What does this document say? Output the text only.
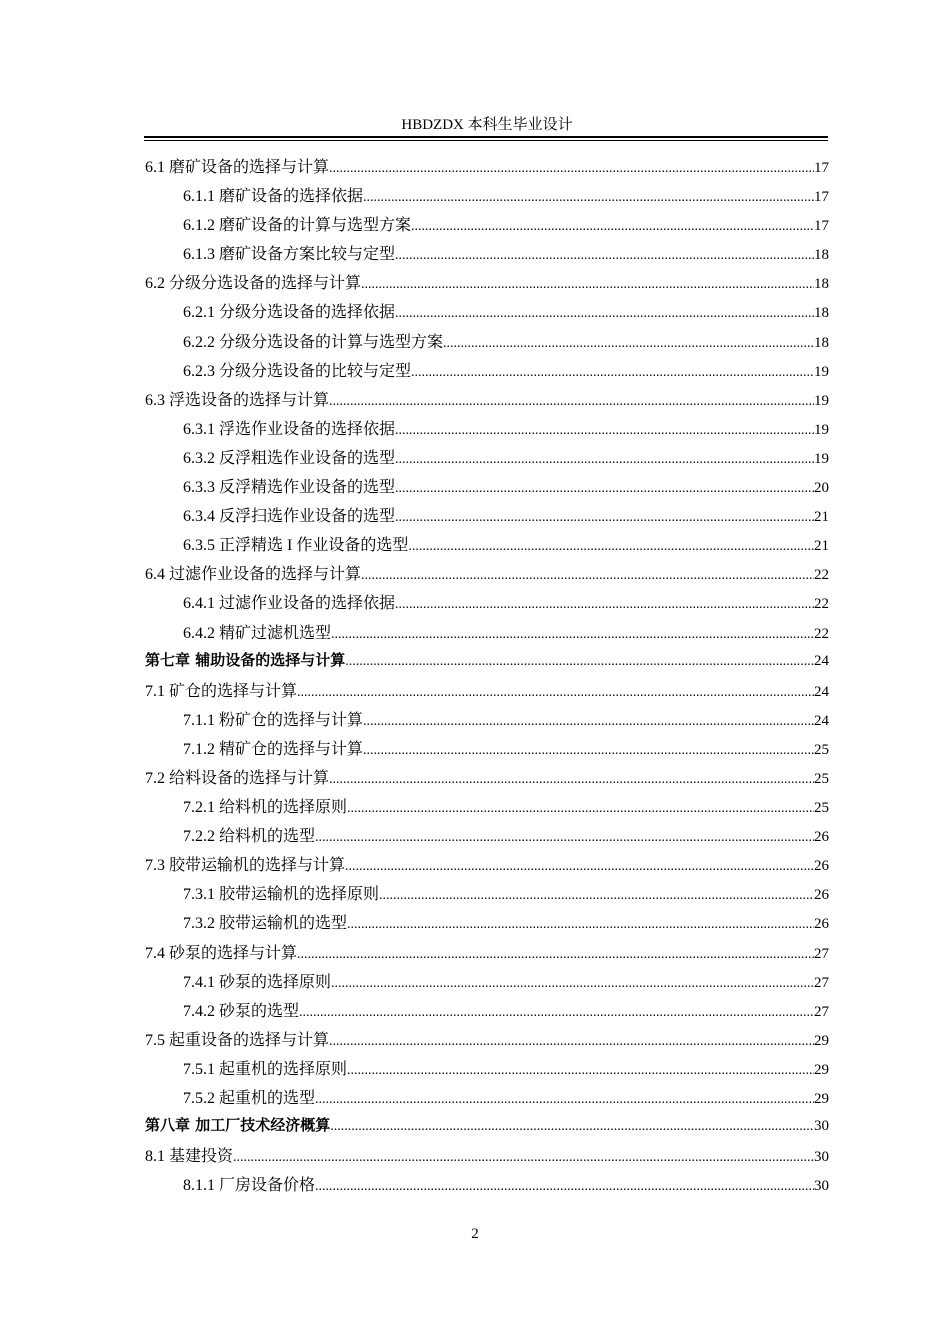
HBDZDX 本科生毕业设计
6.1 磨矿设备的选择与计算 .....	17
6.1.1 磨矿设备的选择依据 .....	17
6.1.2 磨矿设备的计算与选型方案 .....	17
6.1.3 磨矿设备方案比较与定型 .....	18
6.2 分级分选设备的选择与计算 .....	18
6.2.1 分级分选设备的选择依据 .....	18
6.2.2 分级分选设备的计算与选型方案 .....	18
6.2.3 分级分选设备的比较与定型 .....	19
6.3 浮选设备的选择与计算 .....	19
6.3.1 浮选作业设备的选择依据 .....	19
6.3.2 反浮粗选作业设备的选型 .....	19
6.3.3 反浮精选作业设备的选型 .....	20
6.3.4 反浮扫选作业设备的选型 .....	21
6.3.5 正浮精选 I 作业设备的选型 .....	21
6.4 过滤作业设备的选择与计算 .....	22
6.4.1 过滤作业设备的选择依据 .....	22
6.4.2 精矿过滤机选型 .....	22
第七章 辅助设备的选择与计算 .....	24
7.1 矿仓的选择与计算 .....	24
7.1.1 粉矿仓的选择与计算 .....	24
7.1.2 精矿仓的选择与计算 .....	25
7.2 给料设备的选择与计算 .....	25
7.2.1 给料机的选择原则 .....	25
7.2.2 给料机的选型 .....	26
7.3 胶带运输机的选择与计算 .....	26
7.3.1 胶带运输机的选择原则 .....	26
7.3.2 胶带运输机的选型 .....	26
7.4 砂泵的选择与计算 .....	27
7.4.1 砂泵的选择原则 .....	27
7.4.2 砂泵的选型 .....	27
7.5 起重设备的选择与计算 .....	29
7.5.1 起重机的选择原则 .....	29
7.5.2 起重机的选型 .....	29
第八章 加工厂技术经济概算 .....	30
8.1 基建投资 .....	30
8.1.1 厂房设备价格 .....	30
2
